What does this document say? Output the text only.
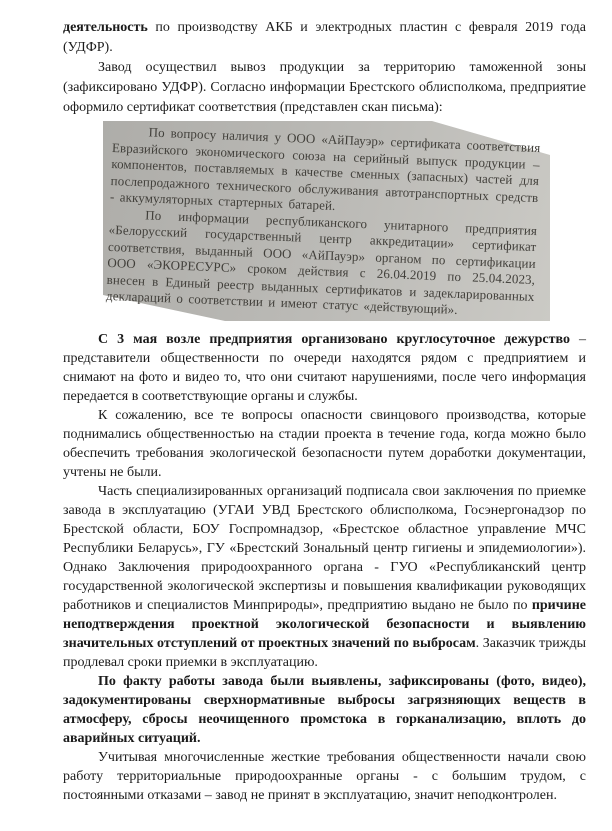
деятельность по производству АКБ и электродных пластин с февраля 2019 года (УДФР).

Завод осуществил вывоз продукции за территорию таможенной зоны (зафиксировано УДФР). Согласно информации Брестского облисполкома, предприятие оформило сертификат соответствия (представлен скан письма):

По вопросу наличия у ООО «АйПауэр» сертификата соответствия Евразийского экономического союза на серийный выпуск продукции – компонентов, поставляемых в качестве сменных (запасных) частей для послепродажного технического обслуживания автотранспортных средств - аккумуляторных стартерных батарей.

По информации республиканского унитарного предприятия «Белорусский государственный центр аккредитации» сертификат соответствия, выданный ООО «АйПауэр» органом по сертификации ООО «ЭКОРЕСУРС» сроком действия с 26.04.2019 по 25.04.2023, внесен в Единый реестр выданных сертификатов и задекларированных деклараций о соответствии и имеют статус «действующий».

С 3 мая возле предприятия организовано круглосуточное дежурство – представители общественности по очереди находятся рядом с предприятием и снимают на фото и видео то, что они считают нарушениями, после чего информация передается в соответствующие органы и службы.

К сожалению, все те вопросы опасности свинцового производства, которые поднимались общественностью на стадии проекта в течение года, когда можно было обеспечить требования экологической безопасности путем доработки документации, учтены не были.

Часть специализированных организаций подписала свои заключения по приемке завода в эксплуатацию (УГАИ УВД Брестского облисполкома, Госэнергонадзор по Брестской области, БОУ Госпромнадзор, «Брестское областное управление МЧС Республики Беларусь», ГУ «Брестский Зональный центр гигиены и эпидемиологии»). Однако Заключения природоохранного органа - ГУО «Республиканский центр государственной экологической экспертизы и повышения квалификации руководящих работников и специалистов Минприроды», предприятию выдано не было по причине неподтверждения проектной экологической безопасности и выявлению значительных отступлений от проектных значений по выбросам. Заказчик трижды продлевал сроки приемки в эксплуатацию.

По факту работы завода были выявлены, зафиксированы (фото, видео), задокументированы сверхнормативные выбросы загрязняющих веществ в атмосферу, сбросы неочищенного промстока в горканализацию, вплоть до аварийных ситуаций.

Учитывая многочисленные жесткие требования общественности начали свою работу территориальные природоохранные органы - с большим трудом, с постоянными отказами – завод не принят в эксплуатацию, значит неподконтролен.
